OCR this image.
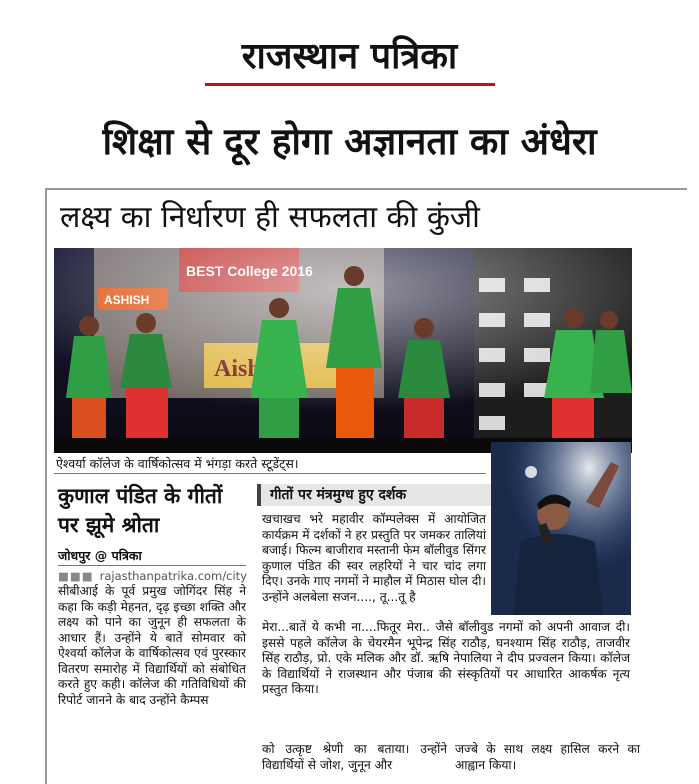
राजस्थान पत्रिका
शिक्षा से दूर होगा अज्ञानता का अंधेरा
लक्ष्य का निर्धारण ही सफलता की कुंजी
ऐश्वर्या कॉलेज के वार्षिकोत्सव में भंगड़ा करते स्टूडेंट्स।
कुणाल पंडित के गीतों पर झूमे श्रोता
जोधपुर @ पत्रिका
■■■ rajasthanpatrika.com/city
सीबीआई के पूर्व प्रमुख जोगिंदर सिंह ने कहा कि कड़ी मेहनत, दृढ़ इच्छा शक्ति और लक्ष्य को पाने का जुनून ही सफलता के आधार हैं। उन्होंने ये बातें सोमवार को ऐश्वर्या कॉलेज के वार्षिकोत्सव एवं पुरस्कार वितरण समारोह में विद्यार्थियों को संबोधित करते हुए कही। कॉलेज की गतिविधियों की रिपोर्ट जानने के बाद उन्होंने कैम्पस
गीतों पर मंत्रमुग्ध हुए दर्शक
खचाखच भरे महावीर कॉम्पलेक्स में आयोजित कार्यक्रम में दर्शकों ने हर प्रस्तुति पर जमकर तालियां बजाई। फिल्म बाजीराव मस्तानी फेम बॉलीवुड सिंगर कुणाल पंडित की स्वर लहरियों ने चार चांद लगा दिए। उनके गाए नगमों ने माहौल में मिठास घोल दी। उन्होंने अलबेला सजन...., तू...तू है
मेरा...बातें ये कभी ना....फितूर मेरा.. जैसे बॉलीवुड नगमों को अपनी आवाज दी। इससे पहले कॉलेज के चेयरमैन भूपेन्द्र सिंह राठौड़, घनश्याम सिंह राठौड़, ताजवीर सिंह राठौड़, प्रो. एके मलिक और डॉ. ऋषि नेपालिया ने दीप प्रज्वलन किया। कॉलेज के विद्यार्थियों ने राजस्थान और पंजाब की संस्कृतियों पर आधारित आकर्षक नृत्य प्रस्तुत किया।
को उत्कृष्ट श्रेणी का बताया। उन्होंने विद्यार्थियों से जोश, जुनून और
जज्बे के साथ लक्ष्य हासिल करने का आह्वान किया।
